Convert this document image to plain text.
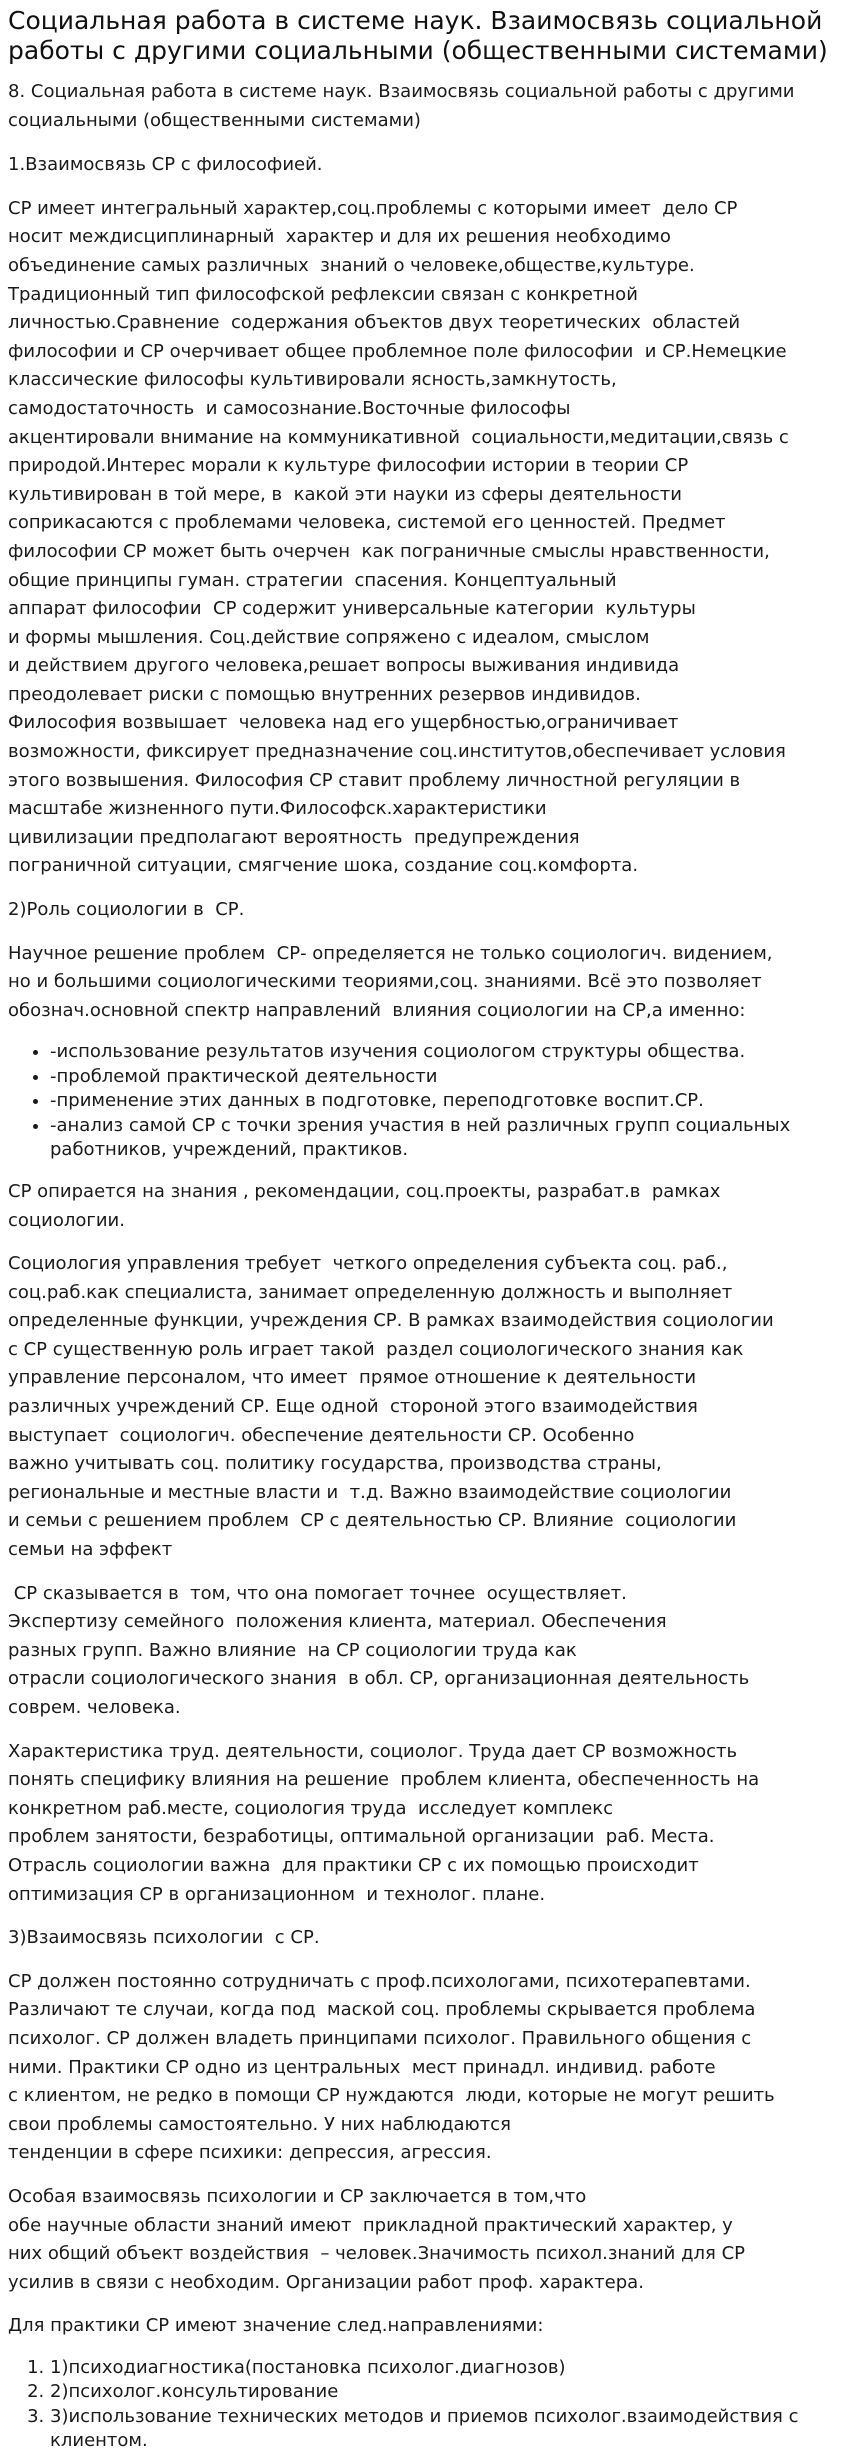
Социальная работа в системе наук. Взаимосвязь социальной работы с другими социальными (общественными системами)

8. Социальная работа в системе наук. Взаимосвязь социальной работы с другими
социальными (общественными системами)

1.Взаимосвязь СР с философией.

СР имеет интегральный характер,соц.проблемы с которыми имеет  дело СР
носит междисциплинарный  характер и для их решения необходимо
объединение самых различных  знаний о человеке,обществе,культуре.
Традиционный тип философской рефлексии связан с конкретной
личностью.Сравнение  содержания объектов двух теоретических  областей
философии и СР очерчивает общее проблемное поле философии  и СР.Немецкие
классические философы культивировали ясность,замкнутость,
самодостаточность  и самосознание.Восточные философы
акцентировали внимание на коммуникативной  социальности,медитации,связь с
природой.Интерес морали к культуре философии истории в теории СР
культивирован в той мере, в  какой эти науки из сферы деятельности
соприкасаются с проблемами человека, системой его ценностей. Предмет
философии СР может быть очерчен  как пограничные смыслы нравственности,
общие принципы гуман. стратегии  спасения. Концептуальный
аппарат философии  СР содержит универсальные категории  культуры
и формы мышления. Соц.действие сопряжено с идеалом, смыслом
и действием другого человека,решает вопросы выживания индивида
преодолевает риски с помощью внутренних резервов индивидов.
Философия возвышает  человека над его ущербностью,ограничивает
возможности, фиксирует предназначение соц.институтов,обеспечивает условия
этого возвышения. Философия СР ставит проблему личностной регуляции в
масштабе жизненного пути.Философск.характеристики
цивилизации предполагают вероятность  предупреждения
пограничной ситуации, смягчение шока, создание соц.комфорта.

2)Роль социологии в  СР.

Научное решение проблем  СР- определяется не только социологич. видением,
но и большими социологическими теориями,соц. знаниями. Всё это позволяет
обознач.основной спектр направлений  влияния социологии на СР,а именно:

• -использование результатов изучения социологом структуры общества.
• -проблемой практической деятельности
• -применение этих данных в подготовке, переподготовке воспит.СР.
• -анализ самой СР с точки зрения участия в ней различных групп социальных
работников, учреждений, практиков.

СР опирается на знания , рекомендации, соц.проекты, разрабат.в  рамках
социологии.

Социология управления требует  четкого определения субъекта соц. раб.,
соц.раб.как специалиста, занимает определенную должность и выполняет
определенные функции, учреждения СР. В рамках взаимодействия социологии
с СР существенную роль играет такой  раздел социологического знания как
управление персоналом, что имеет  прямое отношение к деятельности
различных учреждений СР. Еще одной  стороной этого взаимодействия
выступает  социологич. обеспечение деятельности СР. Особенно
важно учитывать соц. политику государства, производства страны,
региональные и местные власти и  т.д. Важно взаимодействие социологии
и семьи с решением проблем  СР с деятельностью СР. Влияние  социологии
семьи на эффект

СР сказывается в  том, что она помогает точнее  осуществляет.
Экспертизу семейного  положения клиента, материал. Обеспечения
разных групп. Важно влияние  на СР социологии труда как
отрасли социологического знания  в обл. СР, организационная деятельность
соврем. человека.

Характеристика труд. деятельности, социолог. Труда дает СР возможность
понять специфику влияния на решение  проблем клиента, обеспеченность на
конкретном раб.месте, социология труда  исследует комплекс
проблем занятости, безработицы, оптимальной организации  раб. Места.
Отрасль социологии важна  для практики СР с их помощью происходит
оптимизация СР в организационном  и технолог. плане.

3)Взаимосвязь психологии  с СР.

СР должен постоянно сотрудничать с проф.психологами, психотерапевтами.
Различают те случаи, когда под  маской соц. проблемы скрывается проблема
психолог. СР должен владеть принципами психолог. Правильного общения с
ними. Практики СР одно из центральных  мест принадл. индивид. работе
с клиентом, не редко в помощи СР нуждаются  люди, которые не могут решить
свои проблемы самостоятельно. У них наблюдаются
тенденции в сфере психики: депрессия, агрессия.

Особая взаимосвязь психологии и СР заключается в том,что
обе научные области знаний имеют  прикладной практический характер, у
них общий объект воздействия  – человек.Значимость психол.знаний для СР
усилив в связи с необходим. Организации работ проф. характера.

Для практики СР имеют значение след.направлениями:

1. 1)психодиагностика(постановка психолог.диагнозов)
2. 2)психолог.консультирование
3. 3)использование технических методов и приемов психолог.взаимодействия с
клиентом.
